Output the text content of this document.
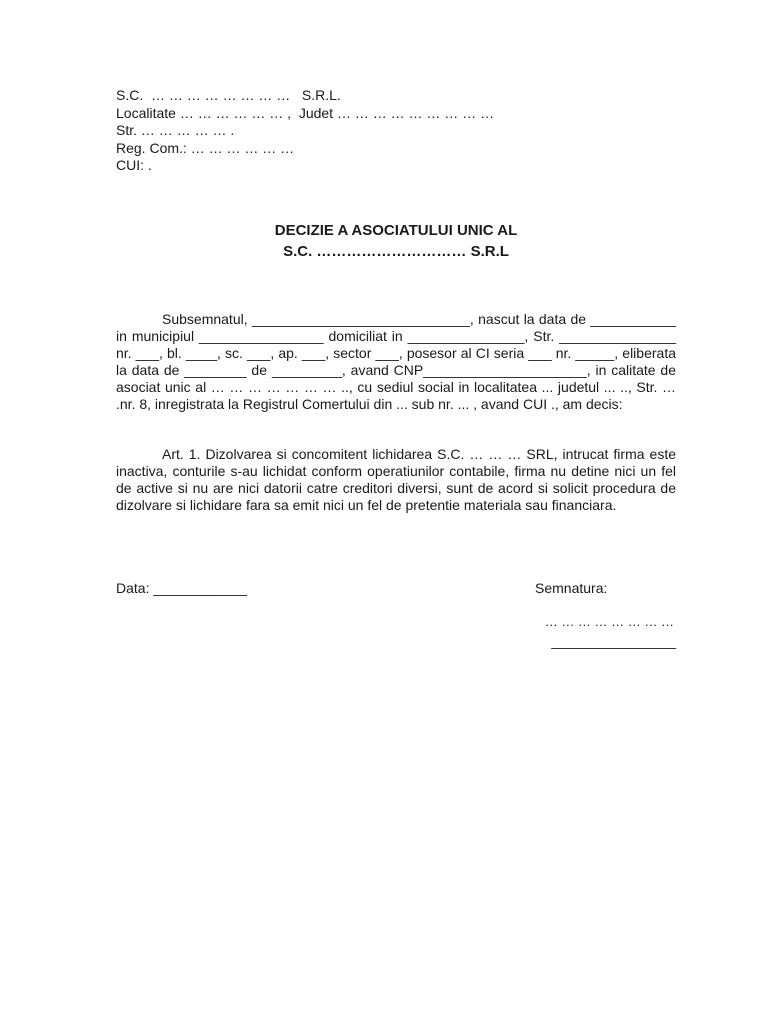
S.C.  … … … … … … … …   S.R.L.
Localitate … … … … … … ,  Judet … … … … … … … … …
Str. … … … … … .
Reg. Com.: … … … … … …
CUI: .
DECIZIE A ASOCIATULUI UNIC AL
S.C. ………………………… S.R.L

Subsemnatul, ____________________________, nascut la data de ___________ in municipiul ________________ domiciliat in _______________, Str. _______________ nr. ___, bl. ____, sc. ___, ap. ___, sector ___, posesor al CI seria ___ nr. _____, eliberata la data de ________ de _________, avand CNP_____________________, in calitate de asociat unic al … … … … … … … .., cu sediul social in localitatea ... judetul ... .., Str. … .nr. 8, inregistrata la Registrul Comertului din ... sub nr. ... , avand CUI ., am decis:

Art. 1. Dizolvarea si concomitent lichidarea S.C. … … … SRL, intrucat firma este inactiva, conturile s-au lichidat conform operatiunilor contabile, firma nu detine nici un fel de active si nu are nici datorii catre creditori diversi, sunt de acord si solicit procedura de dizolvare si lichidare fara sa emit nici un fel de pretentie materiala sau financiara.

Data: ____________	Semnatura:
… … … … … … … …
________________
